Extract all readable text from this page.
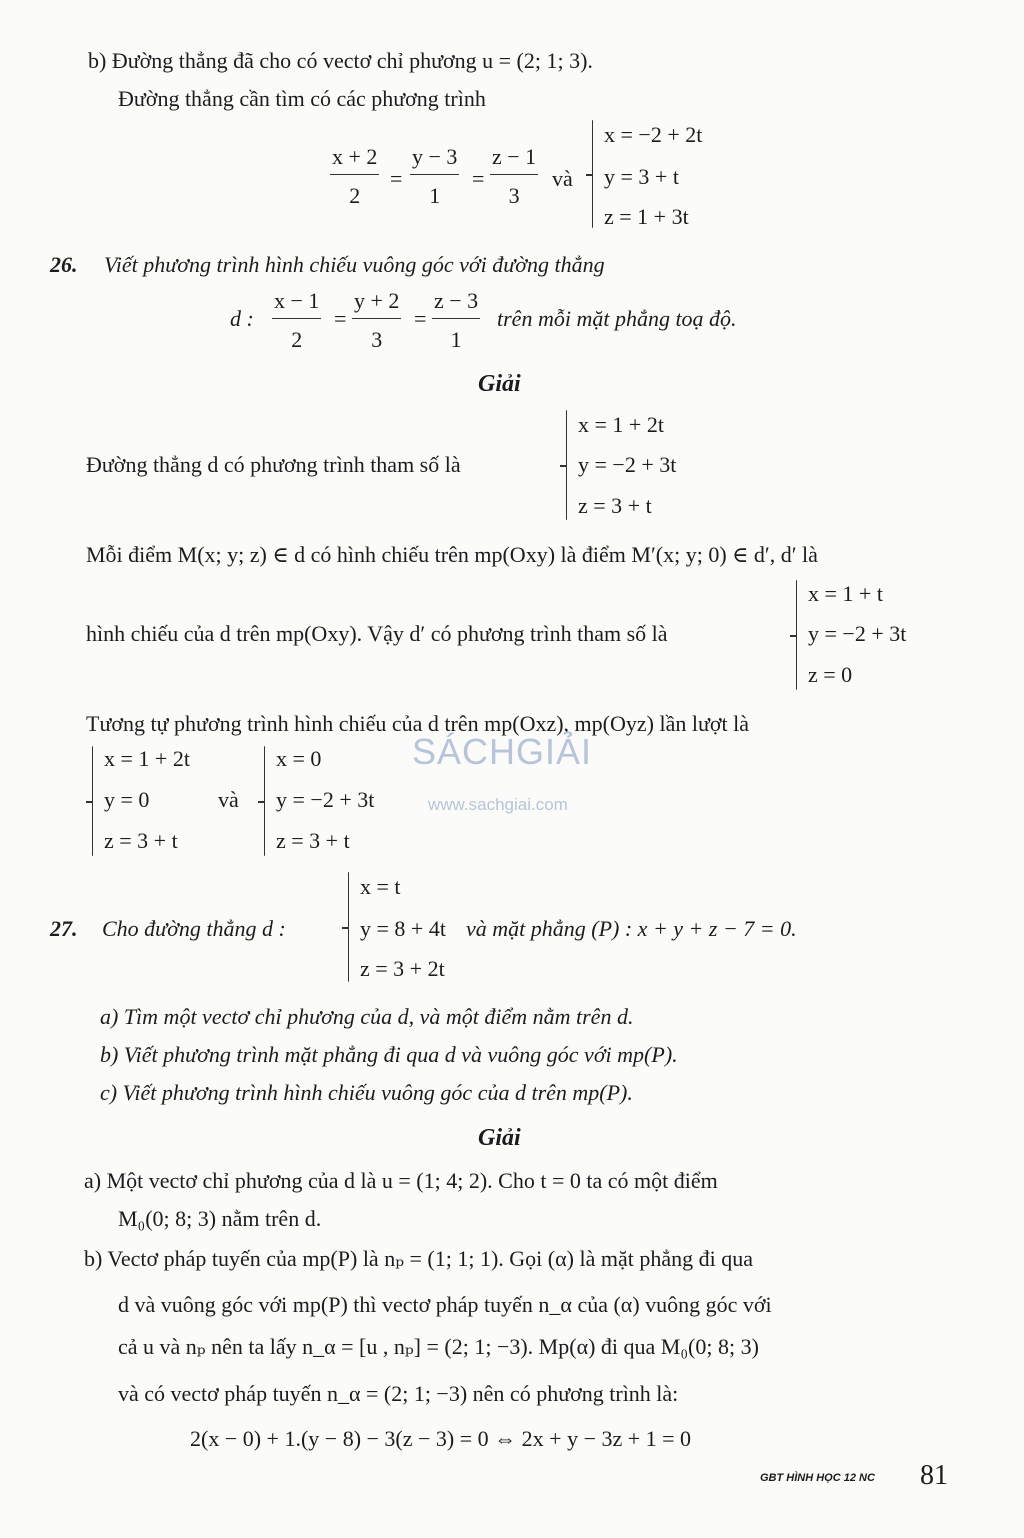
b) Đường thẳng đã cho có vectơ chỉ phương u = (2; 1; 3).
Đường thẳng cần tìm có các phương trình
x + 2
2
=
y − 3
1
=
z − 1
3
và
x = −2 + 2t
y = 3 + t
z = 1 + 3t
26. Viết phương trình hình chiếu vuông góc với đường thẳng
d :
x − 1
2
=
y + 2
3
=
z − 3
1
trên mỗi mặt phẳng toạ độ.
Giải
x = 1 + 2t
Đường thẳng d có phương trình tham số là	y = −2 + 3t
z = 3 + t
Mỗi điểm M(x; y; z) ∈ d có hình chiếu trên mp(Oxy) là điểm M′(x; y; 0) ∈ d′, d′ là
x = 1 + t
hình chiếu của d trên mp(Oxy). Vậy d′ có phương trình tham số là	y = −2 + 3t
z = 0
Tương tự phương trình hình chiếu của d trên mp(Oxz), mp(Oyz) lần lượt là
x = 1 + 2t
y = 0
z = 3 + t
và
x = 0
y = −2 + 3t
z = 3 + t
SÁCHGIẢI
www.sachgiai.com
x = t
27. Cho đường thẳng d :	y = 8 + 4t và mặt phẳng (P) : x + y + z − 7 = 0.
z = 3 + 2t
a) Tìm một vectơ chỉ phương của d, và một điểm nằm trên d.
b) Viết phương trình mặt phẳng đi qua d và vuông góc với mp(P).
c) Viết phương trình hình chiếu vuông góc của d trên mp(P).
Giải
a) Một vectơ chỉ phương của d là u = (1; 4; 2). Cho t = 0 ta có một điểm
M₀(0; 8; 3) nằm trên d.
b) Vectơ pháp tuyến của mp(P) là nₚ = (1; 1; 1). Gọi (α) là mặt phẳng đi qua
d và vuông góc với mp(P) thì vectơ pháp tuyến n_α của (α) vuông góc với
cả u và nₚ nên ta lấy n_α = [u , nₚ] = (2; 1; −3). Mp(α) đi qua M₀(0; 8; 3)
và có vectơ pháp tuyến n_α = (2; 1; −3) nên có phương trình là:
2(x − 0) + 1.(y − 8) − 3(z − 3) = 0 ⇔ 2x + y − 3z + 1 = 0
GBT HÌNH HỌC 12 NC 81
